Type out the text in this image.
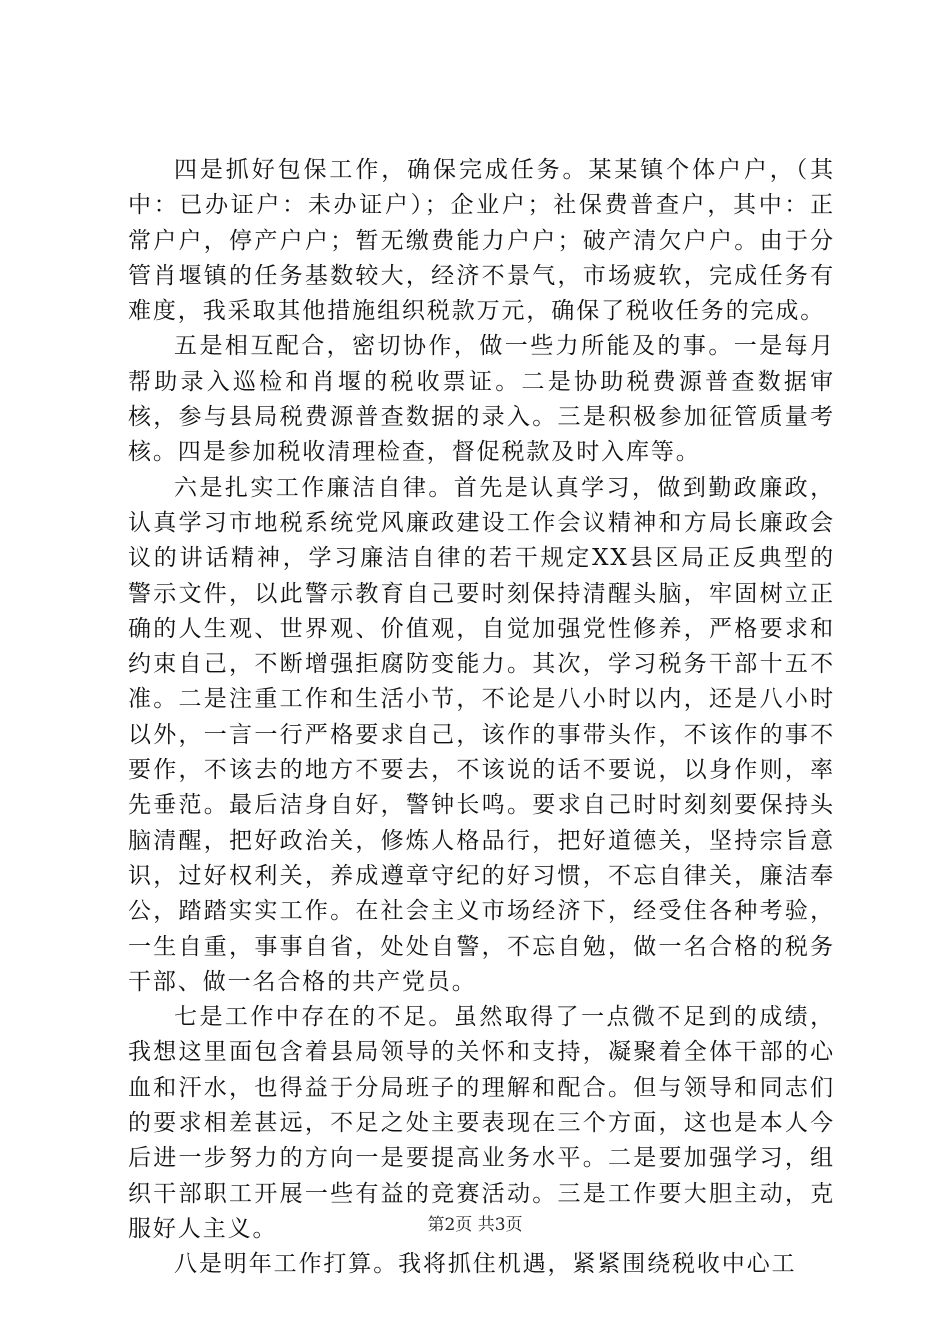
四是抓好包保工作，确保完成任务。某某镇个体户户，（其中：已办证户：未办证户）；企业户；社保费普查户，其中：正常户户，停产户户；暂无缴费能力户户；破产清欠户户。由于分管肖堰镇的任务基数较大，经济不景气，市场疲软，完成任务有难度，我采取其他措施组织税款万元，确保了税收任务的完成。

五是相互配合，密切协作，做一些力所能及的事。一是每月帮助录入巡检和肖堰的税收票证。二是协助税费源普查数据审核，参与县局税费源普查数据的录入。三是积极参加征管质量考核。四是参加税收清理检查，督促税款及时入库等。

六是扎实工作廉洁自律。首先是认真学习，做到勤政廉政，认真学习市地税系统党风廉政建设工作会议精神和方局长廉政会议的讲话精神，学习廉洁自律的若干规定XX县区局正反典型的警示文件，以此警示教育自己要时刻保持清醒头脑，牢固树立正确的人生观、世界观、价值观，自觉加强党性修养，严格要求和约束自己，不断增强拒腐防变能力。其次，学习税务干部十五不准。二是注重工作和生活小节，不论是八小时以内，还是八小时以外，一言一行严格要求自己，该作的事带头作，不该作的事不要作，不该去的地方不要去，不该说的话不要说，以身作则，率先垂范。最后洁身自好，警钟长鸣。要求自己时时刻刻要保持头脑清醒，把好政治关，修炼人格品行，把好道德关，坚持宗旨意识，过好权利关，养成遵章守纪的好习惯，不忘自律关，廉洁奉公，踏踏实实工作。在社会主义市场经济下，经受住各种考验，一生自重，事事自省，处处自警，不忘自勉，做一名合格的税务干部、做一名合格的共产党员。

七是工作中存在的不足。虽然取得了一点微不足到的成绩，我想这里面包含着县局领导的关怀和支持，凝聚着全体干部的心血和汗水，也得益于分局班子的理解和配合。但与领导和同志们的要求相差甚远，不足之处主要表现在三个方面，这也是本人今后进一步努力的方向一是要提高业务水平。二是要加强学习，组织干部职工开展一些有益的竞赛活动。三是工作要大胆主动，克服好人主义。

八是明年工作打算。我将抓住机遇，紧紧围绕税收中心工

第2页 共3页
